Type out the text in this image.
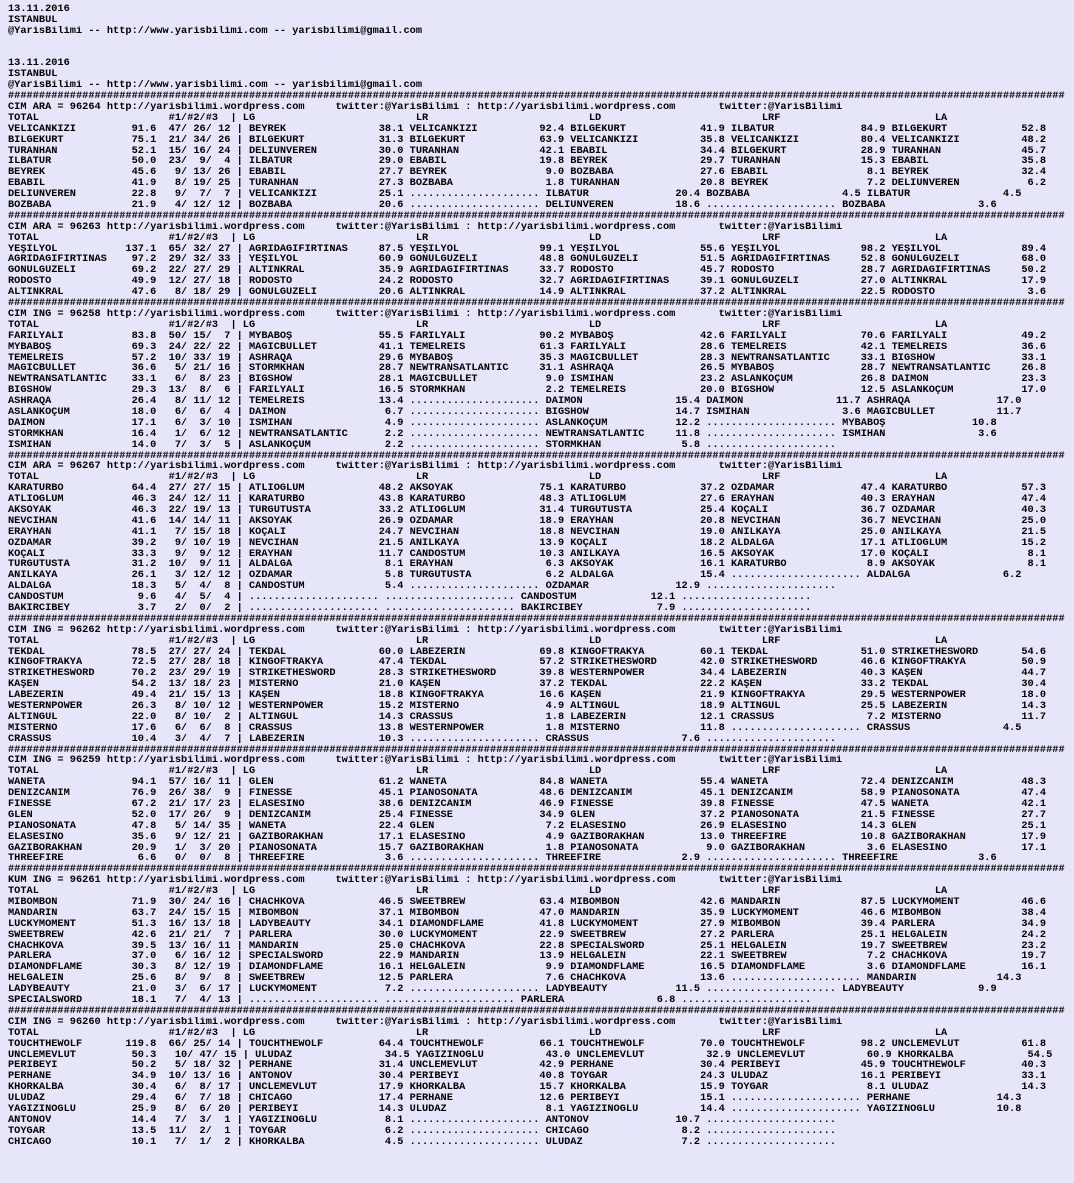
13.11.2016
ISTANBUL
@YarisBilimi -- http://www.yarisbilimi.com -- yarisbilimi@gmail.com
13.11.2016
ISTANBUL
@YarisBilimi -- http://www.yarisbilimi.com -- yarisbilimi@gmail.com
###########################################################################################################################################################################
CIM ARA = 96264 http://yarisbilimi.wordpress.com     twitter:@YarisBilimi : http://yarisbilimi.wordpress.com       twitter:@YarisBilimi
TOTAL                     #1/#2/#3  | LG                          LR                          LD                          LRF                         LA
VELİCANKIZI         91.6  47/ 26/ 12 | BEYREK               38.1 VELİCANKIZI          92.4 BİLGEKURT            41.9 İLBATUR              84.9 BİLGEKURT            52.8
BİLGEKURT           75.1  21/ 34/ 26 | BİLGEKURT            31.3 BİLGEKURT            63.9 VELİCANKIZI          35.8 VELİCANKIZI          80.4 VELİCANKIZI          48.2
TURANHAN            52.1  15/ 16/ 24 | DELİUNVEREN          30.0 TURANHAN             42.1 EBABİL               34.4 BİLGEKURT            28.9 TURANHAN             45.7
İLBATUR             50.0  23/  9/  4 | İLBATUR              29.0 EBABİL               19.8 BEYREK               29.7 TURANHAN             15.3 EBABİL               35.8
BEYREK              45.6   9/ 13/ 26 | EBABİL               27.7 BEYREK                9.0 BOZBABA              27.6 EBABİL                8.1 BEYREK               32.4
EBABİL              41.9   8/ 19/ 25 | TURANHAN             27.3 BOZBABA               1.8 TURANHAN             20.8 BEYREK                7.2 DELİUNVEREN           6.2
DELİUNVEREN         22.8   9/  7/  7 | VELİCANKIZI          25.1 ..................... İLBATUR              20.4 BOZBABA               4.5 İLBATUR               4.5
BOZBABA             21.9   4/ 12/ 12 | BOZBABA              20.6 ..................... DELİUNVEREN          18.6 ..................... BOZBABA               3.6
###########################################################################################################################################################################
CIM ARA = 96263 http://yarisbilimi.wordpress.com     twitter:@YarisBilimi : http://yarisbilimi.wordpress.com       twitter:@YarisBilimi
TOTAL                     #1/#2/#3  | LG                          LR                          LD                          LRF                         LA
YEŞİLYOL           137.1  65/ 32/ 27 | AGRIDAĞIFIRTINAS     87.5 YEŞİLYOL             99.1 YEŞİLYOL             55.6 YEŞİLYOL             98.2 YEŞİLYOL             89.4
AGRIDAĞIFIRTINAS    97.2  29/ 32/ 33 | YEŞİLYOL             60.9 GÖNÜLGÜZELİ          48.8 GÖNÜLGÜZELİ          51.5 AGRIDAĞIFIRTINAS     52.8 GÖNÜLGÜZELİ          68.0
GÖNÜLGÜZELİ         69.2  22/ 27/ 29 | ALTINKRAL            35.9 AGRIDAĞIFIRTINAS     33.7 RODOSTO              45.7 RODOSTO              28.7 AGRIDAĞIFIRTINAS     50.2
RODOSTO             49.9  12/ 27/ 18 | RODOSTO              24.2 RODOSTO              32.7 AGRIDAĞIFIRTINAS     39.1 GÖNÜLGÜZELİ          27.0 ALTINKRAL            17.9
ALTINKRAL           47.6   8/ 18/ 29 | GÖNÜLGÜZELİ          20.6 ALTINKRAL            14.9 ALTINKRAL            37.2 ALTINKRAL            22.5 RODOSTO               3.6
###########################################################################################################################################################################
CIM ING = 96258 http://yarisbilimi.wordpress.com     twitter:@YarisBilimi : http://yarisbilimi.wordpress.com       twitter:@YarisBilimi
TOTAL                     #1/#2/#3  | LG                          LR                          LD                          LRF                         LA
FARİLYALI           83.8  50/ 15/  7 | MYBABOŞ              55.5 FARİLYALI            90.2 MYBABOŞ              42.6 FARİLYALI            70.6 FARİLYALI            49.2
MYBABOŞ             69.3  24/ 22/ 22 | MAGICBULLET          41.1 TEMELREİS            61.3 FARİLYALI            28.6 TEMELREİS            42.1 TEMELREİS            36.6
TEMELREİS           57.2  10/ 33/ 19 | ASHRAQA              29.6 MYBABOŞ              35.3 MAGICBULLET          28.3 NEWTRANSATLANTIC     33.1 BIGSHOW              33.1
MAGICBULLET         36.6   5/ 21/ 16 | STORMKHAN            28.7 NEWTRANSATLANTIC     31.1 ASHRAQA              26.5 MYBABOŞ              28.7 NEWTRANSATLANTIC     26.8
NEWTRANSATLANTIC    33.1   6/  8/ 23 | BIGSHOW              28.1 MAGICBULLET           9.0 İSMİHAN              23.2 ASLANKOÇUM           26.8 DAIMON               23.3
BIGSHOW             29.3  13/  8/  6 | FARİLYALI            16.5 STORMKHAN             2.2 TEMELREİS            20.0 BIGSHOW              12.5 ASLANKOÇUM           17.0
ASHRAQA             26.4   8/ 11/ 12 | TEMELREİS            13.4 ..................... DAIMON               15.4 DAIMON               11.7 ASHRAQA              17.0
ASLANKOÇUM          18.0   6/  6/  4 | DAIMON                6.7 ..................... BIGSHOW              14.7 İSMİHAN               3.6 MAGICBULLET          11.7
DAIMON              17.1   6/  3/ 10 | İSMİHAN               4.9 ..................... ASLANKOÇUM           12.2 ..................... MYBABOŞ              10.8
STORMKHAN           16.4   1/  6/ 12 | NEWTRANSATLANTIC      2.2 ..................... NEWTRANSATLANTIC     11.8 ..................... İSMİHAN               3.6
İSMİHAN             14.0   7/  3/  5 | ASLANKOÇUM            2.2 ..................... STORMKHAN             5.8 .....................
###########################################################################################################################################################################
CIM ARA = 96267 http://yarisbilimi.wordpress.com     twitter:@YarisBilimi : http://yarisbilimi.wordpress.com       twitter:@YarisBilimi
TOTAL                     #1/#2/#3  | LG                          LR                          LD                          LRF                         LA
KARATURBO           64.4  27/ 27/ 15 | ATLIOĞLUM            48.2 AKSOYAK              75.1 KARATURBO            37.2 ÖZDAMAR              47.4 KARATURBO            57.3
ATLIOĞLUM           46.3  24/ 12/ 11 | KARATURBO            43.8 KARATURBO            48.3 ATLIOĞLUM            27.6 ERAYHAN              40.3 ERAYHAN              47.4
AKSOYAK             46.3  22/ 19/ 13 | TURGUTUSTA           33.2 ATLIOĞLUM            31.4 TURGUTUSTA           25.4 KOÇALİ               36.7 ÖZDAMAR              40.3
NEVCİHAN            41.6  14/ 14/ 11 | AKSOYAK              26.9 ÖZDAMAR              18.9 ERAYHAN              20.8 NEVCİHAN             36.7 NEVCİHAN             25.0
ERAYHAN             41.1   7/ 15/ 18 | KOÇALİ               24.7 NEVCİHAN             18.8 NEVCİHAN             19.0 ANILKAYA             25.0 ANILKAYA             21.5
ÖZDAMAR             39.2   9/ 10/ 19 | NEVCİHAN             21.5 ANILKAYA             13.9 KOÇALİ               18.2 ALDALGA              17.1 ATLIOĞLUM            15.2
KOÇALİ              33.3   9/  9/ 12 | ERAYHAN              11.7 CANDOSTUM            10.3 ANILKAYA             16.5 AKSOYAK              17.0 KOÇALİ                8.1
TURGUTUSTA          31.2  10/  9/ 11 | ALDALGA               8.1 ERAYHAN               6.3 AKSOYAK              16.1 KARATURBO             8.9 AKSOYAK               8.1
ANILKAYA            26.1   3/ 12/ 12 | ÖZDAMAR               5.8 TURGUTUSTA            6.2 ALDALGA              15.4 ..................... ALDALGA               6.2
ALDALGA             18.3   5/  4/  8 | CANDOSTUM             5.4 ..................... ÖZDAMAR              12.9 .....................
CANDOSTUM            9.6   4/  5/  4 | ..................... ..................... CANDOSTUM            12.1 .....................
BAKIRCIBEY           3.7   2/  0/  2 | ..................... ..................... BAKIRCIBEY            7.9 .....................
###########################################################################################################################################################################
CIM ING = 96262 http://yarisbilimi.wordpress.com     twitter:@YarisBilimi : http://yarisbilimi.wordpress.com       twitter:@YarisBilimi
TOTAL                     #1/#2/#3  | LG                          LR                          LD                          LRF                         LA
TEKDAL              78.5  27/ 27/ 24 | TEKDAL               60.0 LABEZERİN            69.8 KINGOFTRAKYA         60.1 TEKDAL               51.0 STRIKETHESWORD       54.6
KINGOFTRAKYA        72.5  27/ 28/ 18 | KINGOFTRAKYA         47.4 TEKDAL               57.2 STRIKETHESWORD       42.0 STRIKETHESWORD       46.6 KINGOFTRAKYA         50.9
STRIKETHESWORD      70.2  23/ 29/ 19 | STRIKETHESWORD       28.3 STRIKETHESWORD       39.8 WESTERNPOWER         34.4 LABEZERİN            40.3 KAŞEN                44.7
KAŞEN               54.2  13/ 18/ 23 | MISTERNO             21.0 KAŞEN                37.2 TEKDAL               22.2 KAŞEN                33.2 TEKDAL               30.4
LABEZERİN           49.4  21/ 15/ 13 | KAŞEN                18.8 KINGOFTRAKYA         16.6 KAŞEN                21.9 KINGOFTRAKYA         29.5 WESTERNPOWER         18.0
WESTERNPOWER        26.3   8/ 10/ 12 | WESTERNPOWER         15.2 MISTERNO              4.9 ALTINGÜL             18.9 ALTINGÜL             25.5 LABEZERİN            14.3
ALTINGÜL            22.0   8/ 10/  2 | ALTINGÜL             14.3 CRASSUS               1.8 LABEZERİN            12.1 CRASSUS               7.2 MISTERNO             11.7
MISTERNO            17.6   6/  6/  8 | CRASSUS              13.8 WESTERNPOWER          1.8 MISTERNO             11.8 ..................... CRASSUS               4.5
CRASSUS             10.4   3/  4/  7 | LABEZERİN            10.3 ..................... CRASSUS               7.6 .....................
###########################################################################################################################################################################
CIM ING = 96259 http://yarisbilimi.wordpress.com     twitter:@YarisBilimi : http://yarisbilimi.wordpress.com       twitter:@YarisBilimi
TOTAL                     #1/#2/#3  | LG                          LR                          LD                          LRF                         LA
WANETA              94.1  57/ 16/ 11 | GLEN                 61.2 WANETA               84.8 WANETA               55.4 WANETA               72.4 DENİZCANIM           48.3
DENİZCANIM          76.9  26/ 38/  9 | FINESSE              45.1 PIANOSONATA          48.6 DENİZCANIM           45.1 DENİZCANIM           58.9 PIANOSONATA          47.4
FINESSE             67.2  21/ 17/ 23 | ELASESINO            38.6 DENİZCANIM           46.9 FINESSE              39.8 FINESSE              47.5 WANETA               42.1
GLEN                52.0  17/ 26/  9 | DENİZCANIM           25.4 FINESSE              34.9 GLEN                 37.2 PIANOSONATA          21.5 FINESSE              27.7
PIANOSONATA         47.8   5/ 14/ 35 | WANETA               22.4 GLEN                  7.2 ELASESINO            26.9 ELASESINO            14.3 GLEN                 25.1
ELASESINO           35.6   9/ 12/ 21 | GAZIBORAKHAN         17.1 ELASESINO             4.9 GAZIBORAKHAN         13.0 THREEFIRE            10.8 GAZIBORAKHAN         17.9
GAZIBORAKHAN        20.9   1/  3/ 20 | PIANOSONATA          15.7 GAZIBORAKHAN          1.8 PIANOSONATA           9.0 GAZIBORAKHAN          3.6 ELASESINO            17.1
THREEFIRE            6.6   0/  0/  8 | THREEFIRE             3.6 ..................... THREEFIRE             2.9 ..................... THREEFIRE             3.6
###########################################################################################################################################################################
KUM ING = 96261 http://yarisbilimi.wordpress.com     twitter:@YarisBilimi : http://yarisbilimi.wordpress.com       twitter:@YarisBilimi
TOTAL                     #1/#2/#3  | LG                          LR                          LD                          LRF                         LA
MİBOMBON            71.9  30/ 24/ 16 | CHACHKOVA            46.5 SWEETBREW            63.4 MİBOMBON             42.6 MANDARİN             87.5 LUCKYMOMENT          46.6
MANDARİN            63.7  24/ 15/ 15 | MİBOMBON             37.1 MİBOMBON             47.0 MANDARİN             35.9 LUCKYMOMENT          46.6 MİBOMBON             38.4
LUCKYMOMENT         51.3  16/ 13/ 18 | LADYBEAUTY           34.1 DIAMONDFLAME         41.8 LUCKYMOMENT          27.9 MİBOMBON             39.4 PARLERA              34.9
SWEETBREW           42.6  21/ 21/  7 | PARLERA              30.0 LUCKYMOMENT          22.9 SWEETBREW            27.2 PARLERA              25.1 HELGALEIN            24.2
CHACHKOVA           39.5  13/ 16/ 11 | MANDARİN             25.0 CHACHKOVA            22.8 SPECIALSWORD         25.1 HELGALEIN            19.7 SWEETBREW            23.2
PARLERA             37.0   6/ 16/ 12 | SPECIALSWORD         22.9 MANDARİN             13.9 HELGALEIN            22.1 SWEETBREW             7.2 CHACHKOVA            19.7
DIAMONDFLAME        30.3   8/ 12/ 19 | DIAMONDFLAME         16.1 HELGALEIN             9.9 DIAMONDFLAME         16.5 DIAMONDFLAME          3.6 DIAMONDFLAME         16.1
HELGALEIN           25.6   8/  9/  8 | SWEETBREW            12.5 PARLERA               7.6 CHACHKOVA            13.6 ..................... MANDARİN             14.3
LADYBEAUTY          21.0   3/  6/ 17 | LUCKYMOMENT           7.2 ..................... LADYBEAUTY           11.5 ..................... LADYBEAUTY            9.9
SPECIALSWORD        18.1   7/  4/ 13 | ..................... ..................... PARLERA               6.8 .....................
###########################################################################################################################################################################
CIM ING = 96260 http://yarisbilimi.wordpress.com     twitter:@YarisBilimi : http://yarisbilimi.wordpress.com       twitter:@YarisBilimi
TOTAL                     #1/#2/#3  | LG                          LR                          LD                          LRF                         LA
TOUCHTHEWOLF       119.8  66/ 25/ 14 | TOUCHTHEWOLF         64.4 TOUCHTHEWOLF         66.1 TOUCHTHEWOLF         70.0 TOUCHTHEWOLF         98.2 UNCLEMEVLÜT          61.8
UNCLEMEVLÜT         50.3   10/ 47/ 15 | ULUDAZ               34.5 YAĞIZINOĞLU          43.0 UNCLEMEVLÜT          32.9 UNCLEMEVLÜT          60.9 KHORKALBA            54.5
PERİBEYİ            50.2   5/ 18/ 32 | PERHANE              31.4 UNCLEMEVLÜT          42.9 PERHANE              30.4 PERİBEYİ             45.9 TOUCHTHEWOLF         40.3
PERHANE             34.9  10/ 13/ 16 | ANTONOV              30.4 PERİBEYİ             40.8 TOYGAR               24.3 ULUDAZ               16.1 PERİBEYİ             33.1
KHORKALBA           30.4   6/  8/ 17 | UNCLEMEVLÜT          17.9 KHORKALBA            15.7 KHORKALBA            15.9 TOYGAR                8.1 ULUDAZ               14.3
ULUDAZ              29.4   6/  7/ 18 | CHICAGO              17.4 PERHANE              12.6 PERİBEYİ             15.1 ..................... PERHANE              14.3
YAĞIZINOĞLU         25.9   8/  6/ 20 | PERİBEYİ             14.3 ULUDAZ                8.1 YAĞIZINOĞLU          14.4 ..................... YAĞIZINOĞLU          10.8
ANTONOV             14.4   7/  3/  1 | YAĞIZINOĞLU           8.1 ..................... ANTONOV              10.7 .....................
TOYGAR              13.5  11/  2/  1 | TOYGAR                6.2 ..................... CHICAGO               8.2 .....................
CHICAGO             10.1   7/  1/  2 | KHORKALBA             4.5 ..................... ULUDAZ                7.2 .....................
